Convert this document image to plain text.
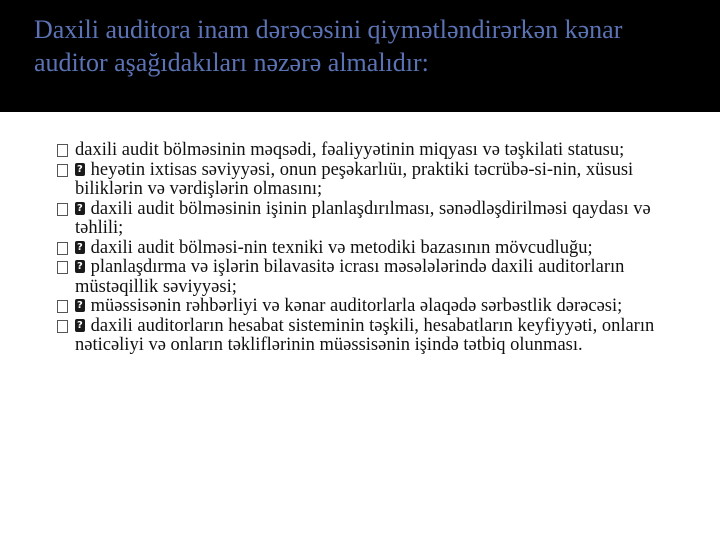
Daxili auditora inam dərəcəsini qiymətləndirərkən kənar auditor aşağıdakıları nəzərə almalıdır:
daxili audit bölməsinin məqsədi, fəaliyyətinin miqyası və təşkilati statusu;
? heyətin ixtisas səviyyəsi, onun peşəkarlıüı, praktiki təcrübə-si-nin, xüsusi biliklərin və vərdişlərin olmasını;
? daxili audit bölməsinin işinin planlaşdırılması, sənədləşdirilməsi qaydası və təhlili;
? daxili audit bölməsi-nin texniki və metodiki bazasının mövcudluğu;
? planlaşdırma və işlərin bilavasitə icrası məsələlərində daxili auditorların müstəqillik səviyyəsi;
? müəssisənin rəhbərliyi və kənar auditorlarla əlaqədə sərbəstlik dərəcəsi;
? daxili auditorların hesabat sisteminin təşkili, hesabatların keyfiyyəti, onların nəticəliyi və onların təkliflərinin müəssisənin işində tətbiq olunması.
